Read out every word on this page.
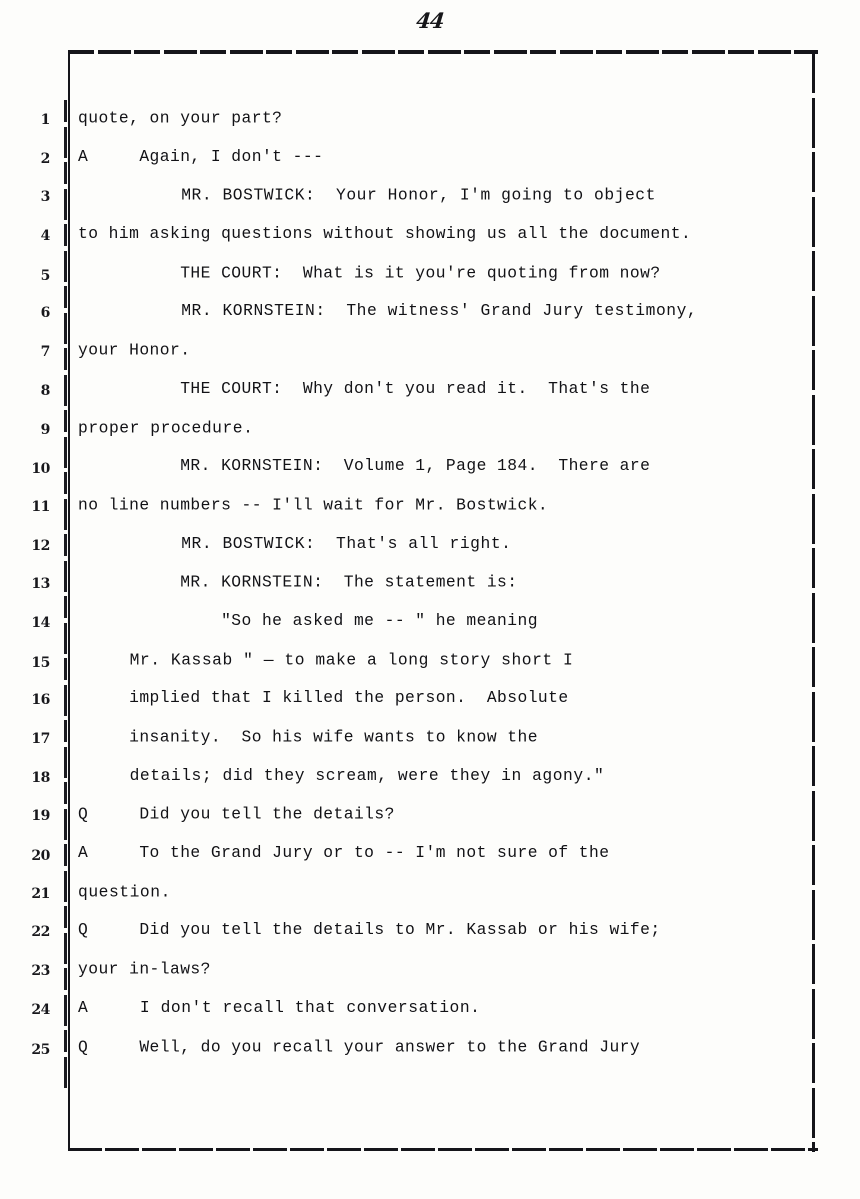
44
1 quote, on your part?
2 A     Again, I don't ---
3 MR. BOSTWICK:  Your Honor, I'm going to object
4 to him asking questions without showing us all the document.
5 THE COURT:  What is it you're quoting from now?
6 MR. KORNSTEIN:  The witness' Grand Jury testimony,
7 your Honor.
8 THE COURT:  Why don't you read it.  That's the
9 proper procedure.
10 MR. KORNSTEIN:  Volume 1, Page 184.  There are
11 no line numbers -- I'll wait for Mr. Bostwick.
12 MR. BOSTWICK:  That's all right.
13 MR. KORNSTEIN:  The statement is:
14 "So he asked me -- " he meaning
15 Mr. Kassab " — to make a long story short I
16 implied that I killed the person.  Absolute
17 insanity.  So his wife wants to know the
18 details; did they scream, were they in agony."
19 Q     Did you tell the details?
20 A     To the Grand Jury or to -- I'm not sure of the
21 question.
22 Q     Did you tell the details to Mr. Kassab or his wife;
23 your in-laws?
24 A     I don't recall that conversation.
25 Q     Well, do you recall your answer to the Grand Jury
